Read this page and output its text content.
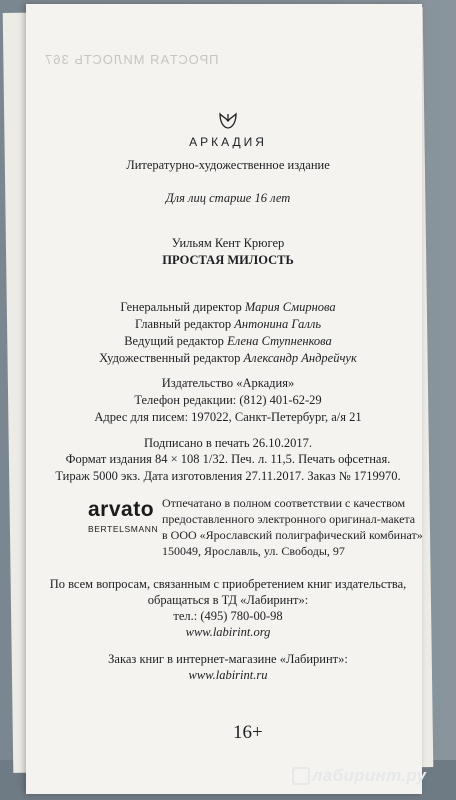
ПРОСТАЯ МИЛОСТЬ 367
АРКАДИЯ
Литературно-художественное издание
Для лиц старше 16 лет
Уильям Кент Крюгер
ПРОСТАЯ МИЛОСТЬ
Генеральный директор Мария Смирнова
Главный редактор Антонина Галль
Ведущий редактор Елена Ступненкова
Художественный редактор Александр Андрейчук
Издательство «Аркадия»
Телефон редакции: (812) 401-62-29
Адрес для писем: 197022, Санкт-Петербург, а/я 21
Подписано в печать 26.10.2017.
Формат издания 84 × 108 1/32. Печ. л. 11,5. Печать офсетная.
Тираж 5000 экз. Дата изготовления 27.11.2017. Заказ № 1719970.
arvato
BERTELSMANN
Отпечатано в полном соответствии с качеством
предоставленного электронного оригинал-макета
в ООО «Ярославский полиграфический комбинат»
150049, Ярославль, ул. Свободы, 97
По всем вопросам, связанным с приобретением книг издательства,
обращаться в ТД «Лабиринт»:
тел.: (495) 780-00-98
www.labirint.org
Заказ книг в интернет-магазине «Лабиринт»:
www.labirint.ru
16+
лабиринт.ру
